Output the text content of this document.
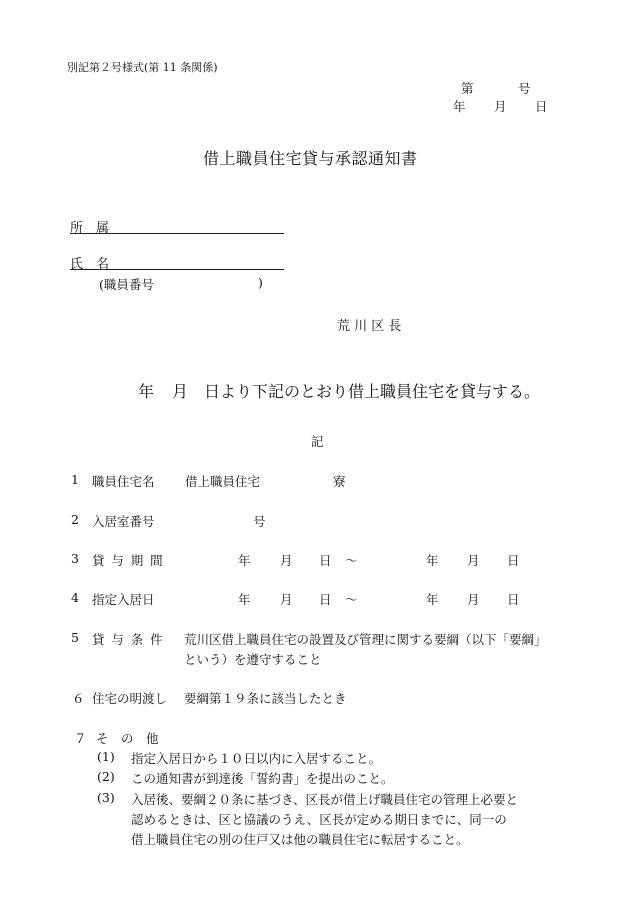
別記第２号様式(第 11 条関係)
第	号
年 月 日
借上職員住宅貸与承認通知書
所　属
氏　名
(職員番号	)
荒 川 区 長
年 月 日より下記のとおり借上職員住宅を貸与する。
記
1 職員住宅名 借上職員住宅	寮
2 入居室番号	号
3 貸与期間	年 月 日 ～	年 月 日
4 指定入居日	年 月 日 ～	年 月 日
5 貸与条件 荒川区借上職員住宅の設置及び管理に関する要綱（以下「要綱」
という）を遵守すること
６ 住宅の明渡し 要綱第１９条に該当したとき
７ そ　の　他
(1) 指定入居日から１０日以内に入居すること。
(2) この通知書が到達後「誓約書」を提出のこと。
(3) 入居後、要綱２０条に基づき、区長が借上げ職員住宅の管理上必要と
認めるときは、区と協議のうえ、区長が定める期日までに、同一の
借上職員住宅の別の住戸又は他の職員住宅に転居すること。
